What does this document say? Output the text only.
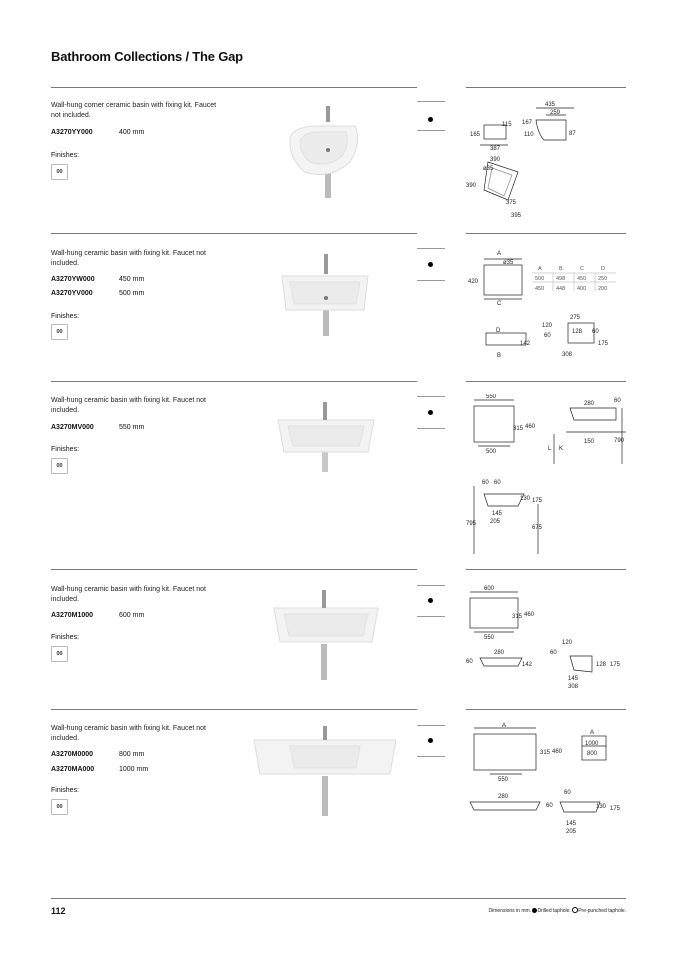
Bathroom Collections / The Gap
Wall-hung corner ceramic basin with fixing kit. Faucet not included.
A3270YY000	400 mm
Finishes:
00
435
259
167
115
110
165
387
87
390
ø35
390
375
395
Wall-hung ceramic basin with fixing kit. Faucet not included.
A3270YW000	450 mm
A3270YV000	500 mm
Finishes:
00
A
ø35
420
C
A	B	C	D
500 498 450 250
450 448 400 200
D
142
B
275
120
128 60
60
175
308
Wall-hung ceramic basin with fixing kit. Faucet not included.
A3270MV000	550 mm
Finishes:
00
550
315 460
500
280	60
150	790
L K
60 60
130 175
145
205
795
675
Wall-hung ceramic basin with fixing kit. Faucet not included.
A3270M1000	600 mm
Finishes:
00
600
315 460
550
280
60	142
120
60
128 175
145
308
Wall-hung ceramic basin with fixing kit. Faucet not included.
A3270M0000	800 mm
A3270MA000	1000 mm
Finishes:
00
A
315 460
550
A
1000
800
280
60
60
130 175
145
205
112	Dimensions in mm. Drilled taphole. Pre-punched taphole.
